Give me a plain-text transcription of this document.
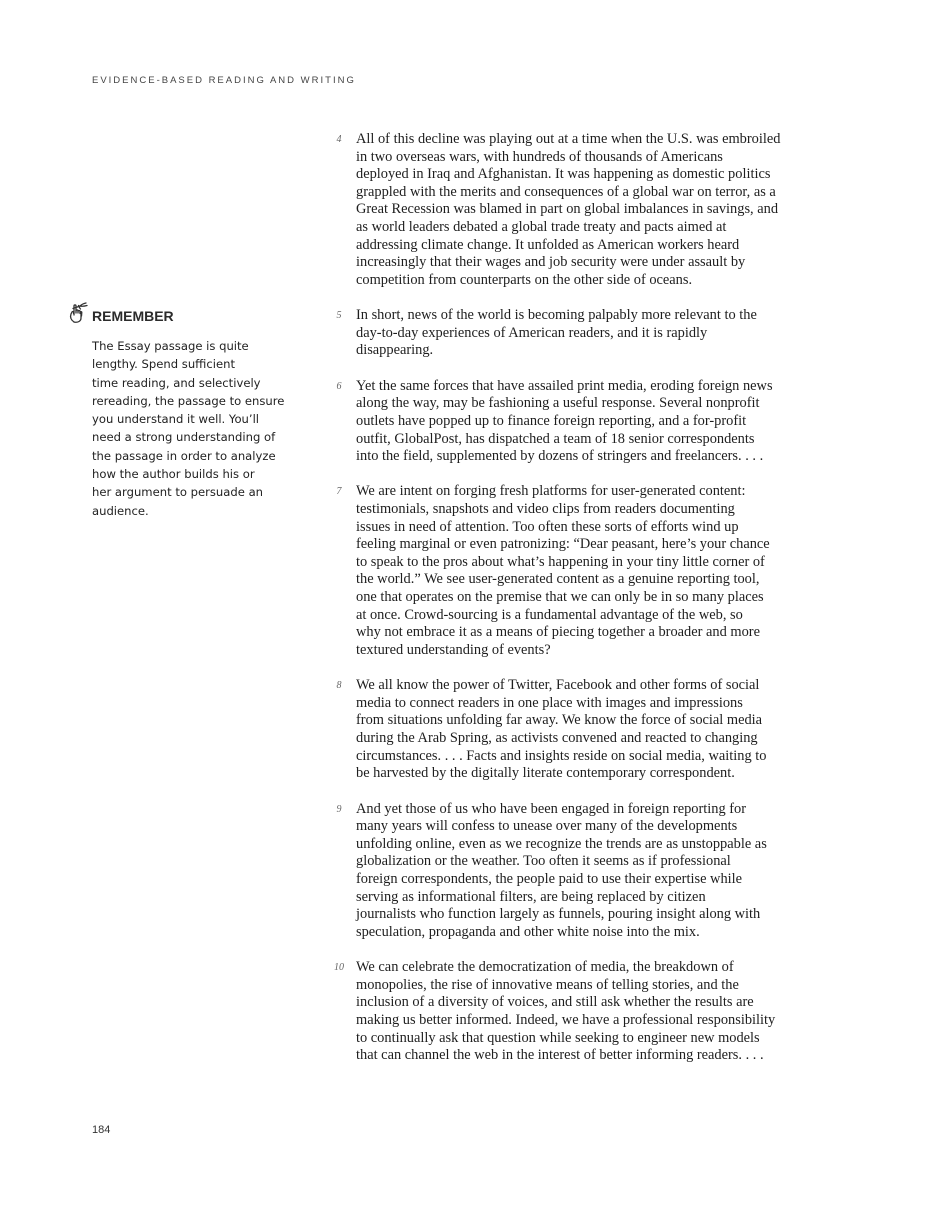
EVIDENCE-BASED READING AND WRITING

REMEMBER
The Essay passage is quite
lengthy. Spend sufficient
time reading, and selectively
rereading, the passage to ensure
you understand it well. You’ll
need a strong understanding of
the passage in order to analyze
how the author builds his or
her argument to persuade an
audience.
4	All of this decline was playing out at a time when the U.S. was embroiled
in two overseas wars, with hundreds of thousands of Americans
deployed in Iraq and Afghanistan. It was happening as domestic politics
grappled with the merits and consequences of a global war on terror, as a
Great Recession was blamed in part on global imbalances in savings, and
as world leaders debated a global trade treaty and pacts aimed at
addressing climate change. It unfolded as American workers heard
increasingly that their wages and job security were under assault by
competition from counterparts on the other side of oceans.
5	In short, news of the world is becoming palpably more relevant to the
day-to-day experiences of American readers, and it is rapidly
disappearing.
6	Yet the same forces that have assailed print media, eroding foreign news
along the way, may be fashioning a useful response. Several nonprofit
outlets have popped up to finance foreign reporting, and a for-profit
outfit, GlobalPost, has dispatched a team of 18 senior correspondents
into the field, supplemented by dozens of stringers and freelancers. . . .
7	We are intent on forging fresh platforms for user-generated content:
testimonials, snapshots and video clips from readers documenting
issues in need of attention. Too often these sorts of efforts wind up
feeling marginal or even patronizing: “Dear peasant, here’s your chance
to speak to the pros about what’s happening in your tiny little corner of
the world.” We see user-generated content as a genuine reporting tool,
one that operates on the premise that we can only be in so many places
at once. Crowd-sourcing is a fundamental advantage of the web, so
why not embrace it as a means of piecing together a broader and more
textured understanding of events?
8	We all know the power of Twitter, Facebook and other forms of social
media to connect readers in one place with images and impressions
from situations unfolding far away. We know the force of social media
during the Arab Spring, as activists convened and reacted to changing
circumstances. . . . Facts and insights reside on social media, waiting to
be harvested by the digitally literate contemporary correspondent.
9	And yet those of us who have been engaged in foreign reporting for
many years will confess to unease over many of the developments
unfolding online, even as we recognize the trends are as unstoppable as
globalization or the weather. Too often it seems as if professional
foreign correspondents, the people paid to use their expertise while
serving as informational filters, are being replaced by citizen
journalists who function largely as funnels, pouring insight along with
speculation, propaganda and other white noise into the mix.
10 We can celebrate the democratization of media, the breakdown of
monopolies, the rise of innovative means of telling stories, and the
inclusion of a diversity of voices, and still ask whether the results are
making us better informed. Indeed, we have a professional responsibility
to continually ask that question while seeking to engineer new models
that can channel the web in the interest of better informing readers. . . .

184
